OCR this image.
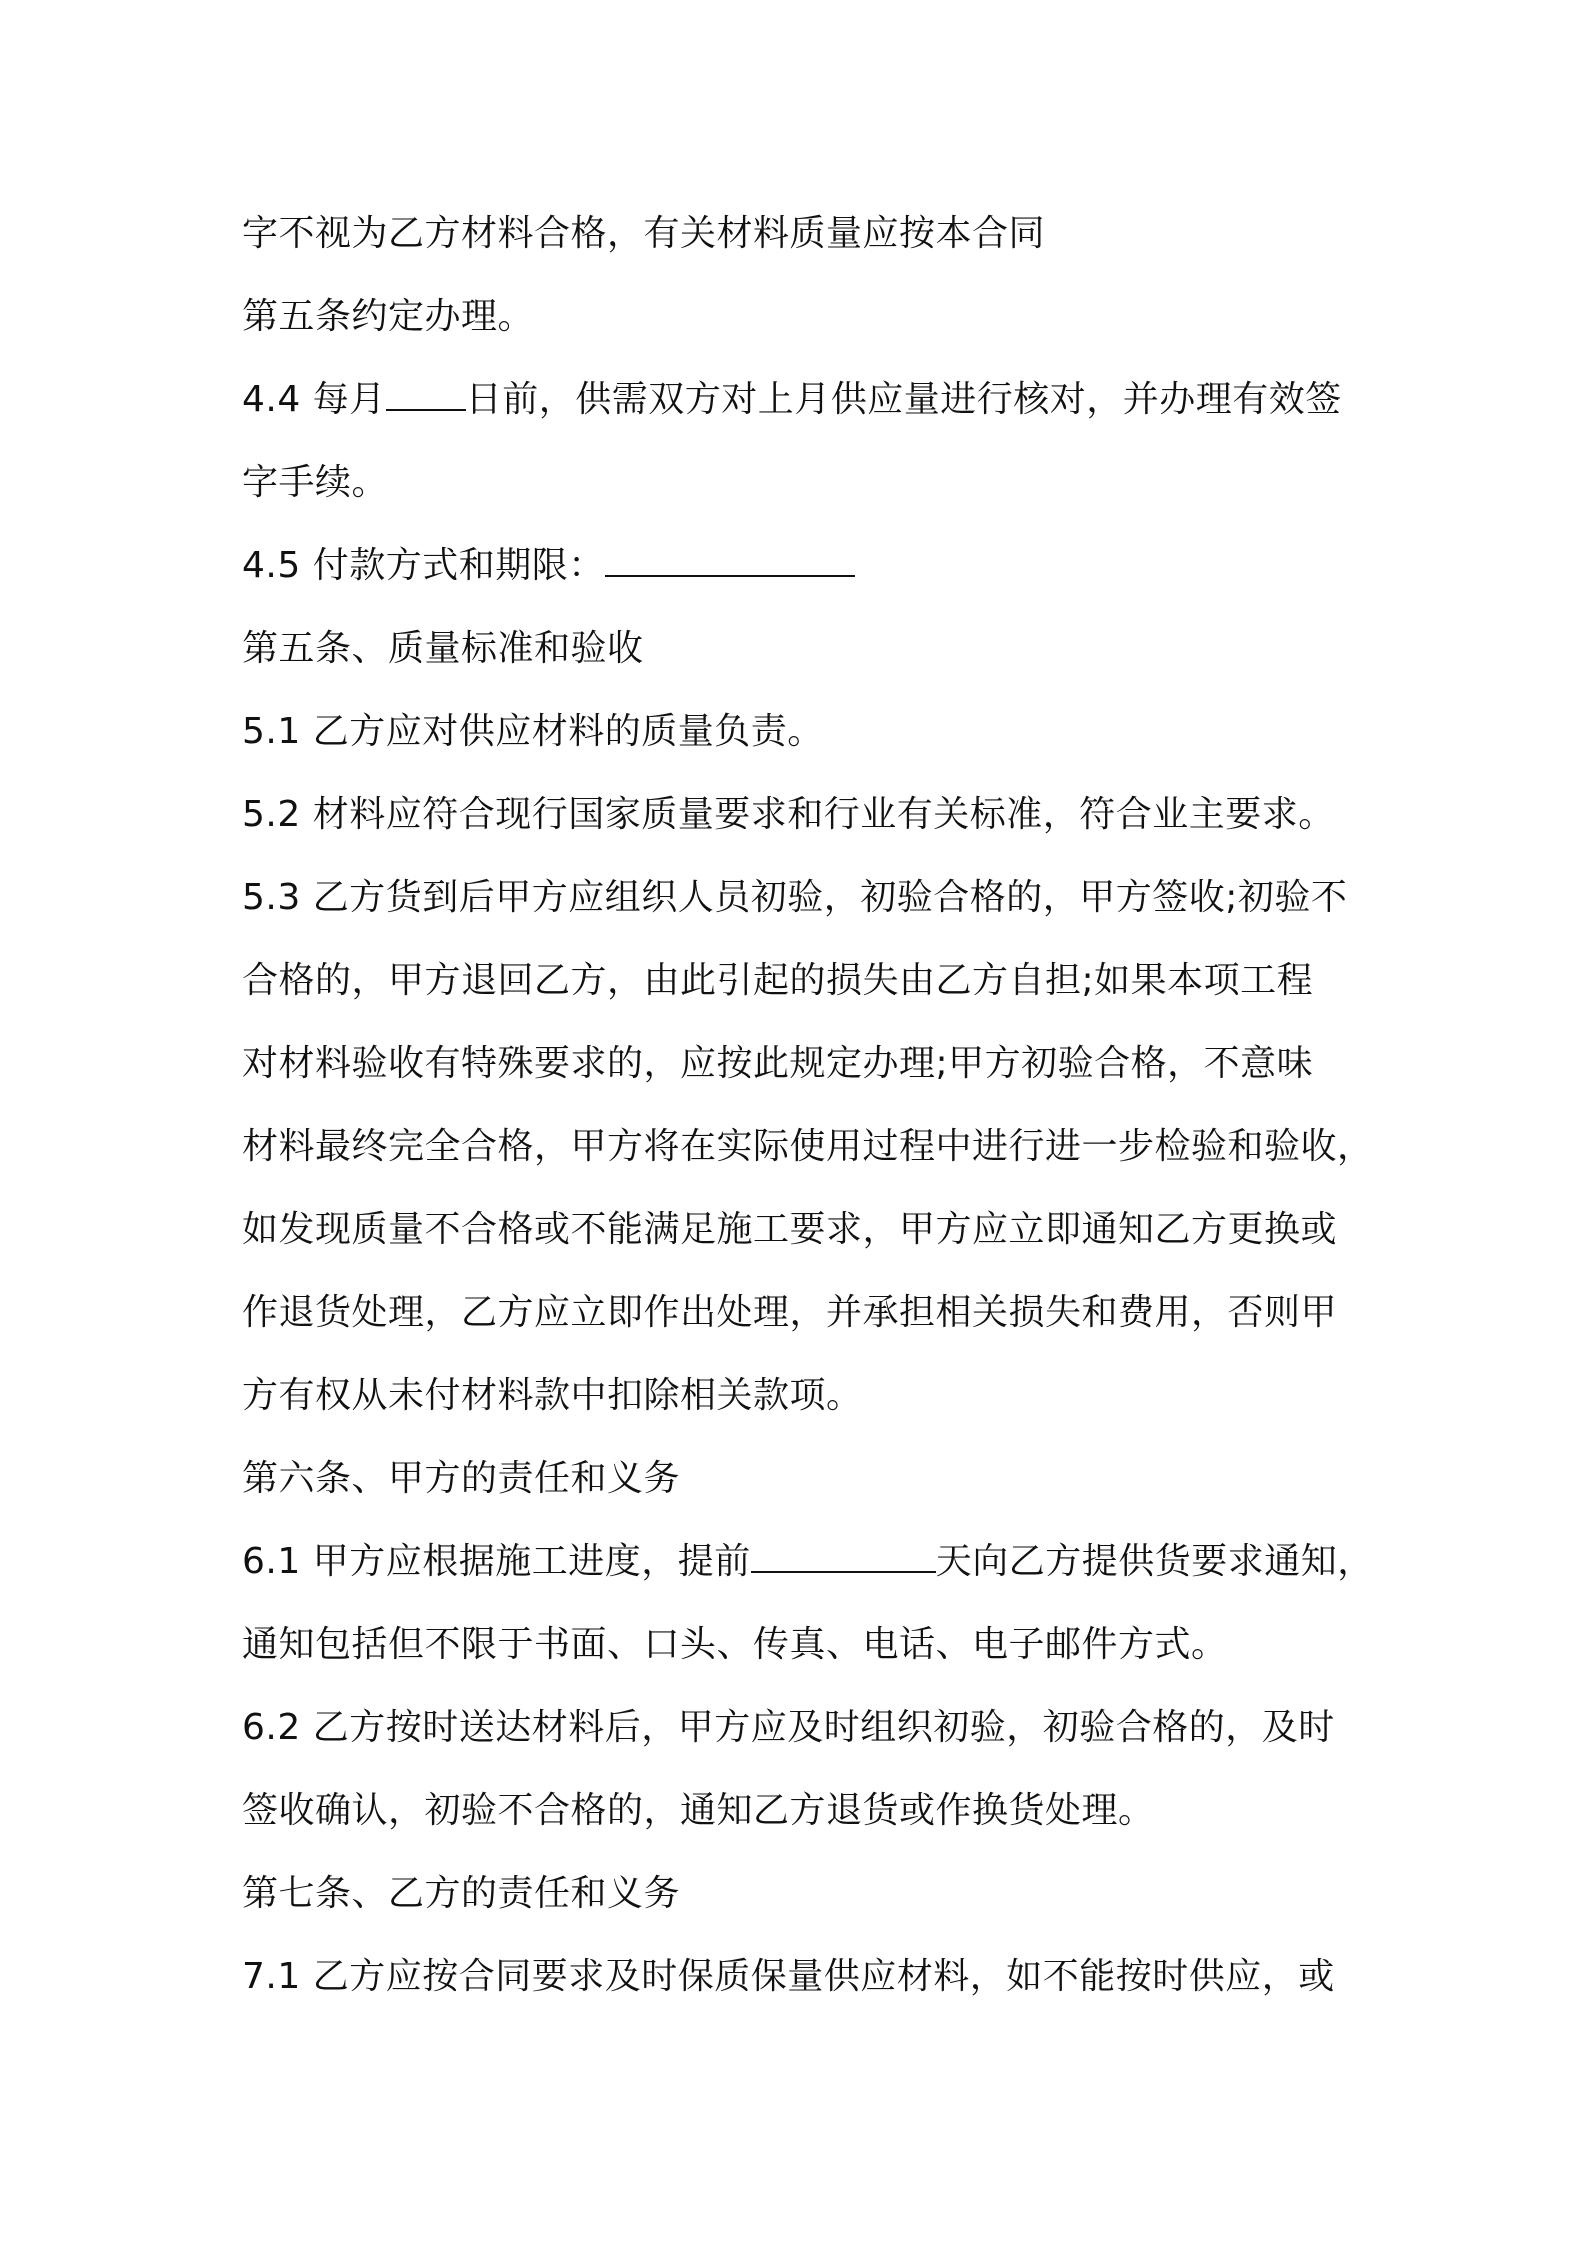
字不视为乙方材料合格，有关材料质量应按本合同
第五条约定办理。
4.4 每月 日前，供需双方对上月供应量进行核对，并办理有效签
字手续。
4.5 付款方式和期限：
第五条、质量标准和验收
5.1 乙方应对供应材料的质量负责。
5.2 材料应符合现行国家质量要求和行业有关标准，符合业主要求。
5.3 乙方货到后甲方应组织人员初验，初验合格的，甲方签收;初验不
合格的，甲方退回乙方，由此引起的损失由乙方自担;如果本项工程
对材料验收有特殊要求的，应按此规定办理;甲方初验合格，不意味
材料最终完全合格，甲方将在实际使用过程中进行进一步检验和验收，
如发现质量不合格或不能满足施工要求，甲方应立即通知乙方更换或
作退货处理，乙方应立即作出处理，并承担相关损失和费用，否则甲
方有权从未付材料款中扣除相关款项。
第六条、甲方的责任和义务
6.1 甲方应根据施工进度，提前	天向乙方提供货要求通知，
通知包括但不限于书面、口头、传真、电话、电子邮件方式。
6.2 乙方按时送达材料后，甲方应及时组织初验，初验合格的，及时
签收确认，初验不合格的，通知乙方退货或作换货处理。
第七条、乙方的责任和义务
7.1 乙方应按合同要求及时保质保量供应材料，如不能按时供应，或
